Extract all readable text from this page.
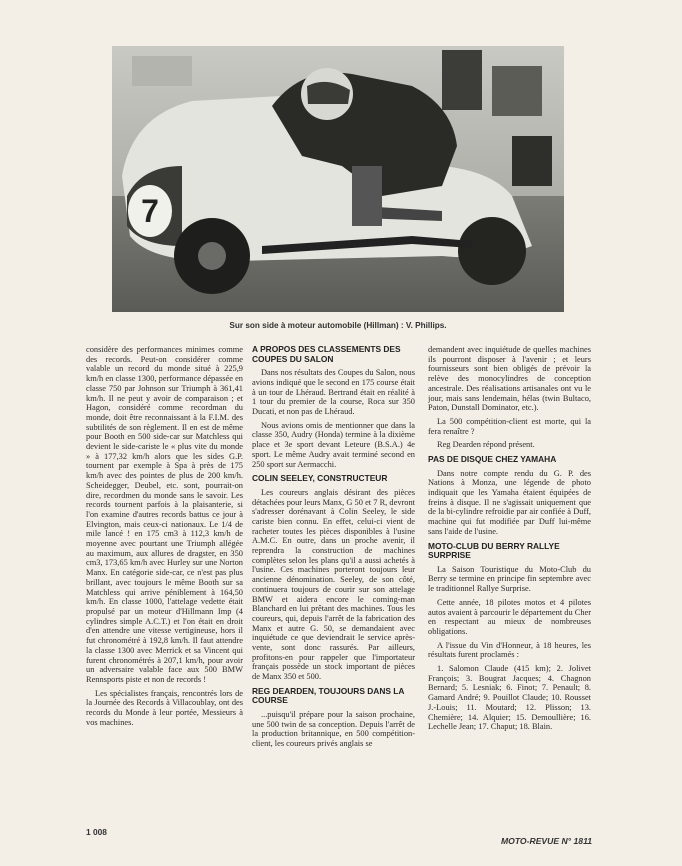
7
Sur son side à moteur automobile (Hillman) : V. Phillips.

considère des performances minimes comme des records. Peut-on considérer comme valable un record du monde situé à 225,9 km/h en classe 1300, performance dépassée en classe 750 par Johnson sur Triumph à 361,41 km/h. Il ne peut y avoir de comparaison ; et Hagon, considéré comme recordman du monde, doit être reconnaissant à la F.I.M. des subtilités de son règlement. Il en est de même pour Booth en 500 side-car sur Matchless qui devient le side-cariste le « plus vite du monde » à 177,32 km/h alors que les sides G.P. tournent par exemple à Spa à près de 175 km/h avec des pointes de plus de 200 km/h. Scheidegger, Deubel, etc. sont, pourrait-on dire, recordmen du monde sans le savoir. Les records tournent parfois à la plaisanterie, si l'on examine d'autres records battus ce jour à Elvington, mais ceux-ci nationaux. Le 1/4 de mile lancé ! en 175 cm3 à 112,3 km/h de moyenne avec pourtant une Triumph allégée au maximum, aux allures de dragster, en 350 cm3, 173,65 km/h avec Hurley sur une Norton Manx. En catégorie side-car, ce n'est pas plus brillant, avec toujours le même Booth sur sa Matchless qui arrive péniblement à 164,50 km/h. En classe 1000, l'attelage vedette était propulsé par un moteur d'Hillmann Imp (4 cylindres simple A.C.T.) et l'on était en droit d'en attendre une vitesse vertigineuse, hors il fut chronométré à 192,8 km/h. Il faut attendre la classe 1300 avec Merrick et sa Vincent qui furent chronométrés à 207,1 km/h, pour avoir un adversaire valable face aux 500 BMW Rennsports piste et non de records !

Les spécialistes français, rencontrés lors de la Journée des Records à Villacoublay, ont des records du Monde à leur portée, Messieurs à vos machines.

A PROPOS DES CLASSEMENTS DES COUPES DU SALON

Dans nos résultats des Coupes du Salon, nous avions indiqué que le second en 175 course était à un tour de Lhéraud. Bertrand était en réalité à 1 tour du premier de la course, Roca sur 350 Ducati, et non pas de Lhéraud.

Nous avions omis de mentionner que dans la classe 350, Audry (Honda) termine à la dixième place et 3e sport devant Leteure (B.S.A.) 4e sport. Le même Audry avait terminé second en 250 sport sur Aermacchi.

COLIN SEELEY, CONSTRUCTEUR

Les coureurs anglais désirant des pièces détachées pour leurs Manx, G 50 et 7 R, devront s'adresser dorénavant à Colin Seeley, le side cariste bien connu. En effet, celui-ci vient de racheter toutes les pièces disponibles à l'usine A.M.C. En outre, dans un proche avenir, il reprendra la construction de machines complètes selon les plans qu'il a aussi achetés à l'usine. Ces machines porteront toujours leur ancienne dénomination. Seeley, de son côté, continuera toujours de courir sur son attelage BMW et aidera encore le coming-man Blanchard en lui prêtant des machines. Tous les coureurs, qui, depuis l'arrêt de la fabrication des Manx et autre G. 50, se demandaient avec inquiétude ce que deviendrait le service après-vente, sont donc rassurés. Par ailleurs, profitons-en pour rappeler que l'importateur français possède un stock important de pièces de Manx 350 et 500.

REG DEARDEN, TOUJOURS DANS LA COURSE

...puisqu'il prépare pour la saison prochaine, une 500 twin de sa conception. Depuis l'arrêt de la production britannique, en 500 compétition-client, les coureurs privés anglais se

demandent avec inquiétude de quelles machines ils pourront disposer à l'avenir ; et leurs fournisseurs sont bien obligés de prévoir la relève des monocylindres de conception ancestrale. Des réalisations artisanales ont vu le jour, mais sans lendemain, hélas (twin Bultaco, Paton, Dunstall Dominator, etc.).

La 500 compétition-client est morte, qui la fera renaître ?

Reg Dearden répond présent.

PAS DE DISQUE CHEZ YAMAHA

Dans notre compte rendu du G. P. des Nations à Monza, une légende de photo indiquait que les Yamaha étaient équipées de freins à disque. Il ne s'agissait uniquement que de la bi-cylindre refroidie par air confiée à Duff, machine qui fut modifiée par Duff lui-même sans l'aide de l'usine.

MOTO-CLUB DU BERRY RALLYE SURPRISE

La Saison Touristique du Moto-Club du Berry se termine en principe fin septembre avec le traditionnel Rallye Surprise.

Cette année, 18 pilotes motos et 4 pilotes autos avaient à parcourir le département du Cher en respectant au mieux de nombreuses obligations.

A l'issue du Vin d'Honneur, à 18 heures, les résultats furent proclamés :

1. Salomon Claude (415 km); 2. Jolivet François; 3. Bougrat Jacques; 4. Chagnon Bernard; 5. Lesniak; 6. Finot; 7. Penault; 8. Gamard André; 9. Pouillot Claude; 10. Rousset J.-Louis; 11. Moutard; 12. Plisson; 13. Chemière; 14. Alquier; 15. Demoullière; 16. Lechelle Jean; 17. Chaput; 18. Blain.

1 008
MOTO-REVUE N° 1811
